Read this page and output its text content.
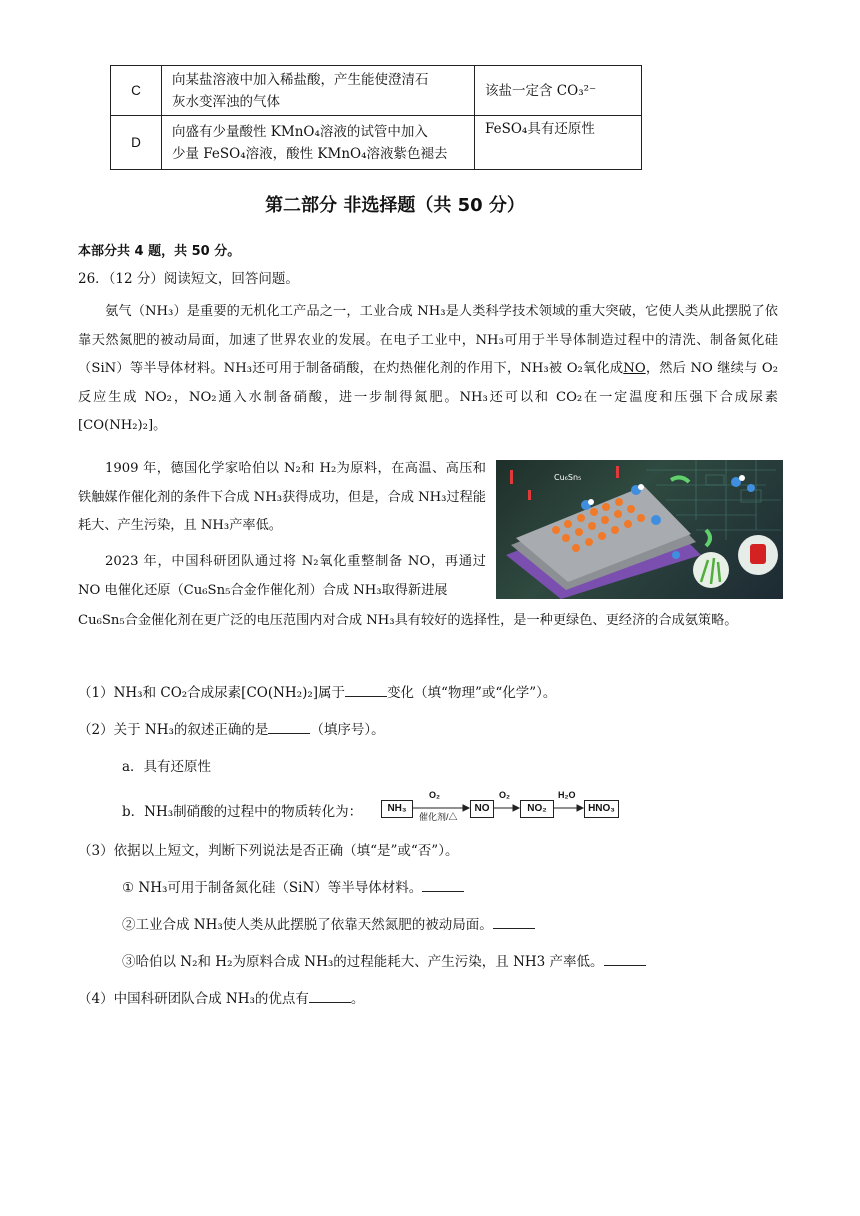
C	向某盐溶液中加入稀盐酸，产生能使澄清石
灰水变浑浊的气体	该盐一定含 CO₃²⁻
D	向盛有少量酸性 KMnO₄溶液的试管中加入
少量 FeSO₄溶液，酸性 KMnO₄溶液紫色褪去	FeSO₄具有还原性
第二部分 非选择题（共 50 分）
本部分共 4 题，共 50 分。
26．（12 分）阅读短文，回答问题。
氨气（NH₃）是重要的无机化工产品之一，工业合成 NH₃是人类科学技术领域的重大突破，它使人类从此摆脱了依靠天然氮肥的被动局面，加速了世界农业的发展。在电子工业中，NH₃可用于半导体制造过程中的清洗、制备氮化硅（SiN）等半导体材料。NH₃还可用于制备硝酸，在灼热催化剂的作用下，NH₃被 O₂氧化成NO，然后 NO 继续与 O₂反应生成 NO₂，NO₂通入水制备硝酸，进一步制得氮肥。NH₃还可以和 CO₂在一定温度和压强下合成尿素[CO(NH₂)₂]。
1909 年，德国化学家哈伯以 N₂和 H₂为原料，在高温、高压和铁触媒作催化剂的条件下合成 NH₃获得成功，但是，合成 NH₃过程能耗大、产生污染，且 NH₃产率低。
2023 年，中国科研团队通过将 N₂氧化重整制备 NO，再通过 NO 电催化还原（Cu₆Sn₅合金作催化剂）合成 NH₃取得新进展
Cu₆Sn₅合金催化剂在更广泛的电压范围内对合成 NH₃具有较好的选择性，是一种更绿色、更经济的合成氨策略。
Cu₆Sn₅
（1）NH₃和 CO₂合成尿素[CO(NH₂)₂]属于	变化（填“物理”或“化学”）。
（2）关于 NH₃的叙述正确的是	（填序号）。
a．具有还原性
b．NH₃制硝酸的过程中的物质转化为：	NH₃	NO	NO₂	HNO₃
O₂
催化剂/△
O₂	H₂O
（3）依据以上短文，判断下列说法是否正确（填“是”或“否”）。
① NH₃可用于制备氮化硅（SiN）等半导体材料。
②工业合成 NH₃使人类从此摆脱了依靠天然氮肥的被动局面。
③哈伯以 N₂和 H₂为原料合成 NH₃的过程能耗大、产生污染，且 NH3 产率低。
（4）中国科研团队合成 NH₃的优点有	。
